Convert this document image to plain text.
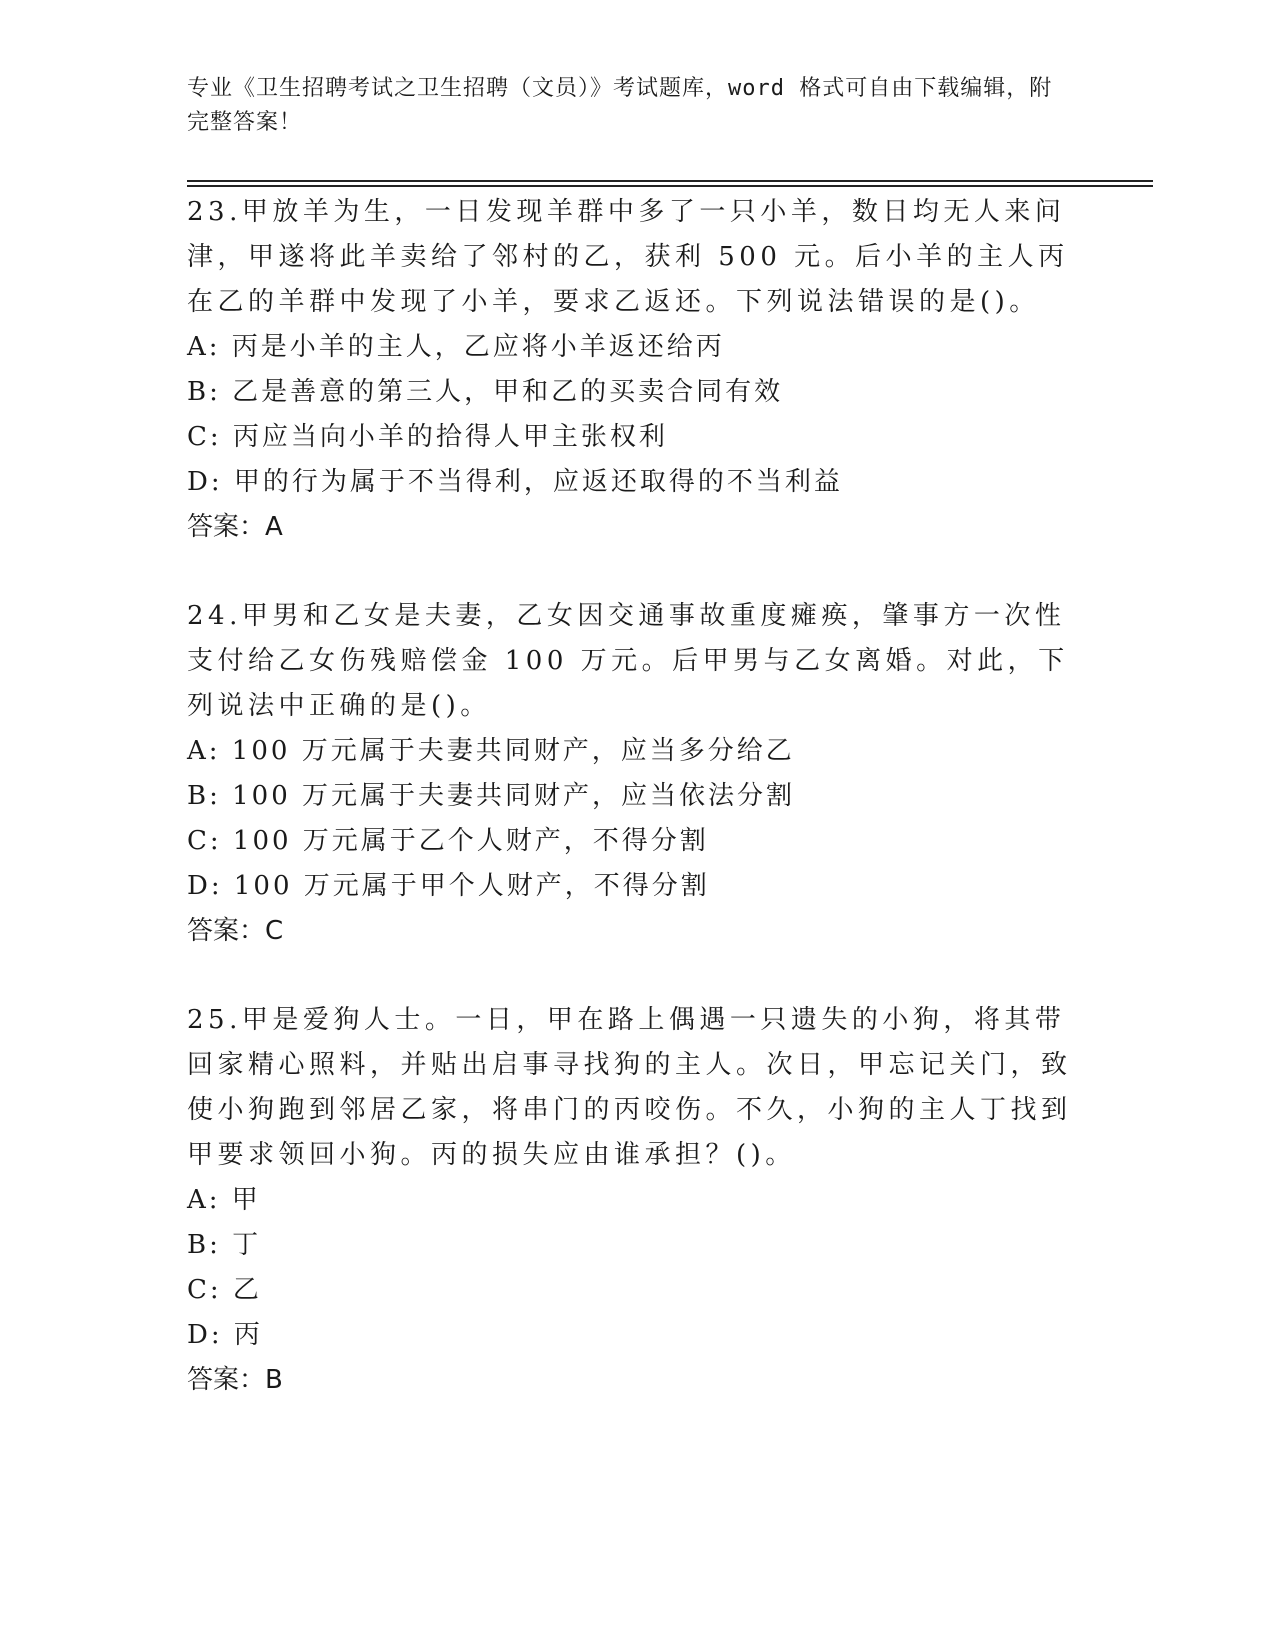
专业《卫生招聘考试之卫生招聘（文员）》考试题库，word 格式可自由下载编辑，附完整答案！

23.甲放羊为生，一日发现羊群中多了一只小羊，数日均无人来问津，甲遂将此羊卖给了邻村的乙，获利 500 元。后小羊的主人丙在乙的羊群中发现了小羊，要求乙返还。下列说法错误的是()。

A: 丙是小羊的主人，乙应将小羊返还给丙

B: 乙是善意的第三人，甲和乙的买卖合同有效

C: 丙应当向小羊的拾得人甲主张权利

D: 甲的行为属于不当得利，应返还取得的不当利益

答案：A

24.甲男和乙女是夫妻，乙女因交通事故重度瘫痪，肇事方一次性支付给乙女伤残赔偿金 100 万元。后甲男与乙女离婚。对此，下列说法中正确的是()。

A: 100 万元属于夫妻共同财产，应当多分给乙

B: 100 万元属于夫妻共同财产，应当依法分割

C: 100 万元属于乙个人财产，不得分割

D: 100 万元属于甲个人财产，不得分割

答案：C

25.甲是爱狗人士。一日，甲在路上偶遇一只遗失的小狗，将其带回家精心照料，并贴出启事寻找狗的主人。次日，甲忘记关门，致使小狗跑到邻居乙家，将串门的丙咬伤。不久，小狗的主人丁找到甲要求领回小狗。丙的损失应由谁承担？()。

A: 甲

B: 丁

C: 乙

D: 丙

答案：B
